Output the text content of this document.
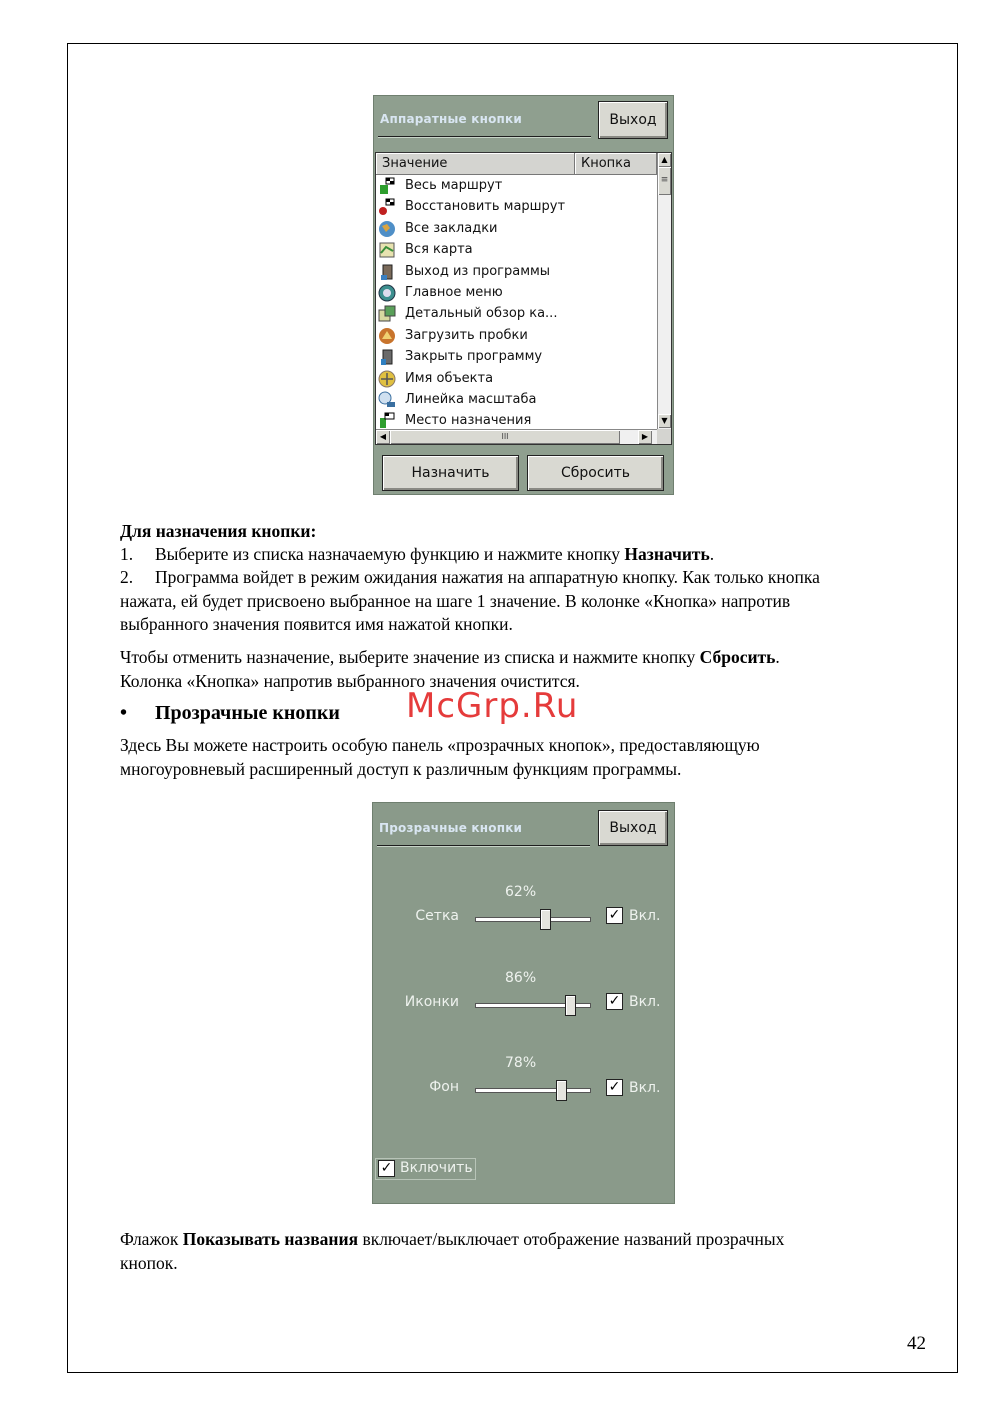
Аппаратные кнопки	Выход
Значение	Кнопка
Весь маршрут
Восстановить маршрут
Все закладки
Вся карта
Выход из программы
Главное меню
Детальный обзор ка...
Загрузить пробки
Закрыть программу
Имя объекта
Линейка масштаба
Место назначения
▲
≡
▼
◀	III	▶
Назначить	Сбросить
Для назначения кнопки:
1. Выберите из списка назначаемую функцию и нажмите кнопку Назначить.
2. Программа войдет в режим ожидания нажатия на аппаратную кнопку. Как только кнопка
нажата, ей будет присвоено выбранное на шаге 1 значение. В колонке «Кнопка» напротив
выбранного значения появится имя нажатой кнопки.
Чтобы отменить назначение, выберите значение из списка и нажмите кнопку Сбросить.
Колонка «Кнопка» напротив выбранного значения очистится.
• Прозрачные кнопки	McGrp.Ru
Здесь Вы можете настроить особую панель «прозрачных кнопок», предоставляющую
многоуровневый расширенный доступ к различным функциям программы.
Прозрачные кнопки	Выход
62%
Сетка	✓ Вкл.
86%
Иконки	✓ Вкл.
78%
Фон	✓ Вкл.
✓ Включить
Флажок Показывать названия включает/выключает отображение названий прозрачных
кнопок.
42
